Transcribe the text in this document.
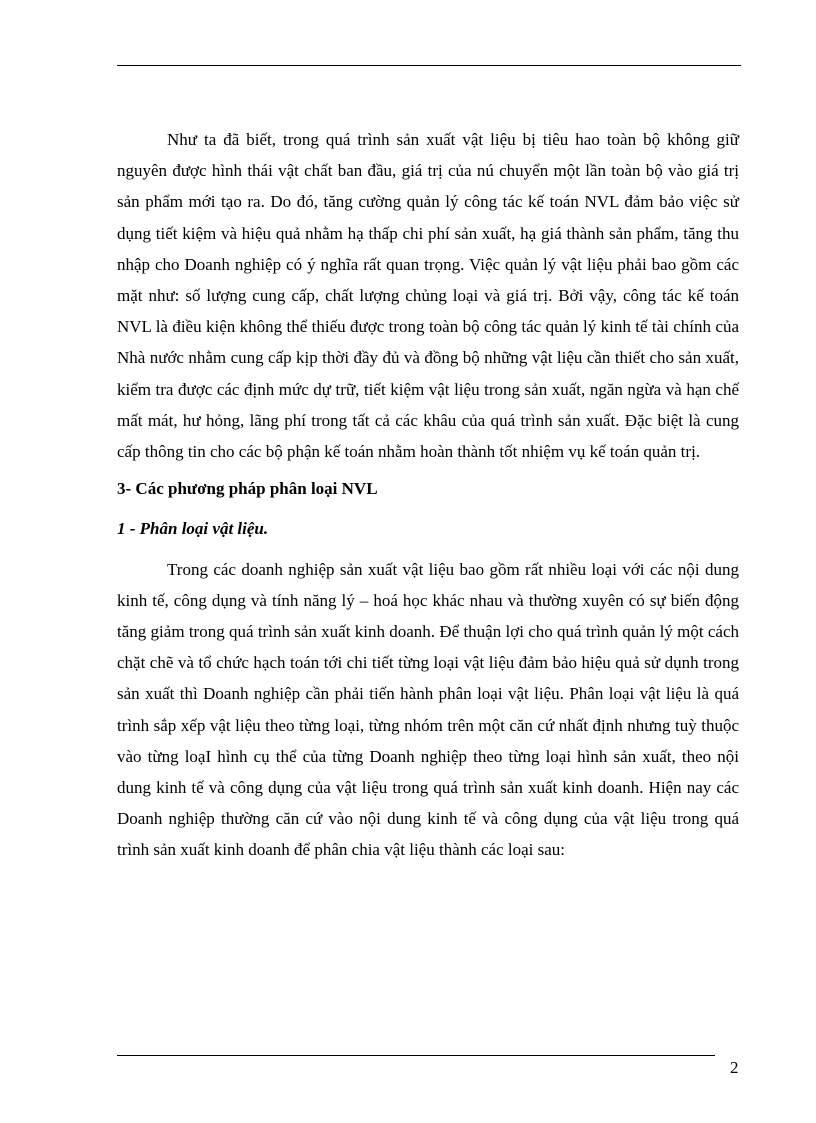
Như ta đã biết, trong quá trình sản xuất vật liệu bị tiêu hao toàn bộ không giữ nguyên được hình thái vật chất ban đầu, giá trị của nú chuyển một lần toàn bộ vào giá trị sản phẩm mới tạo ra. Do đó, tăng cường quản lý công tác kế toán NVL đảm bảo việc sử dụng tiết kiệm và hiệu quả nhằm hạ thấp chi phí sản xuất, hạ giá thành sản phẩm, tăng thu nhập cho Doanh nghiệp có ý nghĩa rất quan trọng. Việc quản lý vật liệu phải bao gồm các mặt như: số lượng cung cấp, chất lượng chủng loại và giá trị. Bởi vậy, công tác kế toán NVL là điều kiện không thể thiếu được trong toàn bộ công tác quản lý kinh tế tài chính của Nhà nước nhằm cung cấp kịp thời đầy đủ và đồng bộ những vật liệu cần thiết cho sản xuất, kiểm tra được các định mức dự trữ, tiết kiệm vật liệu trong sản xuất, ngăn ngừa và hạn chế mất mát, hư hỏng, lãng phí trong tất cả các khâu của quá trình sản xuất. Đặc biệt là cung cấp thông tin cho các bộ phận kế toán nhằm hoàn thành tốt nhiệm vụ kế toán quản trị.

3- Các phương pháp phân loại NVL

1 - Phân loại vật liệu.

Trong các doanh nghiệp sản xuất vật liệu bao gồm rất nhiều loại với các nội dung kinh tế, công dụng và tính năng lý – hoá học khác nhau và thường xuyên có sự biến động tăng giảm trong quá trình sản xuất kinh doanh. Để thuận lợi cho quá trình quản lý một cách chặt chẽ và tổ chức hạch toán tới chi tiết từng loại vật liệu đảm bảo hiệu quả sử dụnh trong sản xuất thì Doanh nghiệp cần phải tiến hành phân loại vật liệu. Phân loại vật liệu là quá trình sắp xếp vật liệu theo từng loại, từng nhóm trên một căn cứ nhất định nhưng tuỳ thuộc vào từng loạI hình cụ thể của từng Doanh nghiệp theo từng loại hình sản xuất, theo nội dung kinh tế và công dụng của vật liệu trong quá trình sản xuất kinh doanh. Hiện nay các Doanh nghiệp thường căn cứ vào nội dung kinh tế và công dụng của vật liệu trong quá trình sản xuất kinh doanh để phân chia vật liệu thành các loại sau:

2
